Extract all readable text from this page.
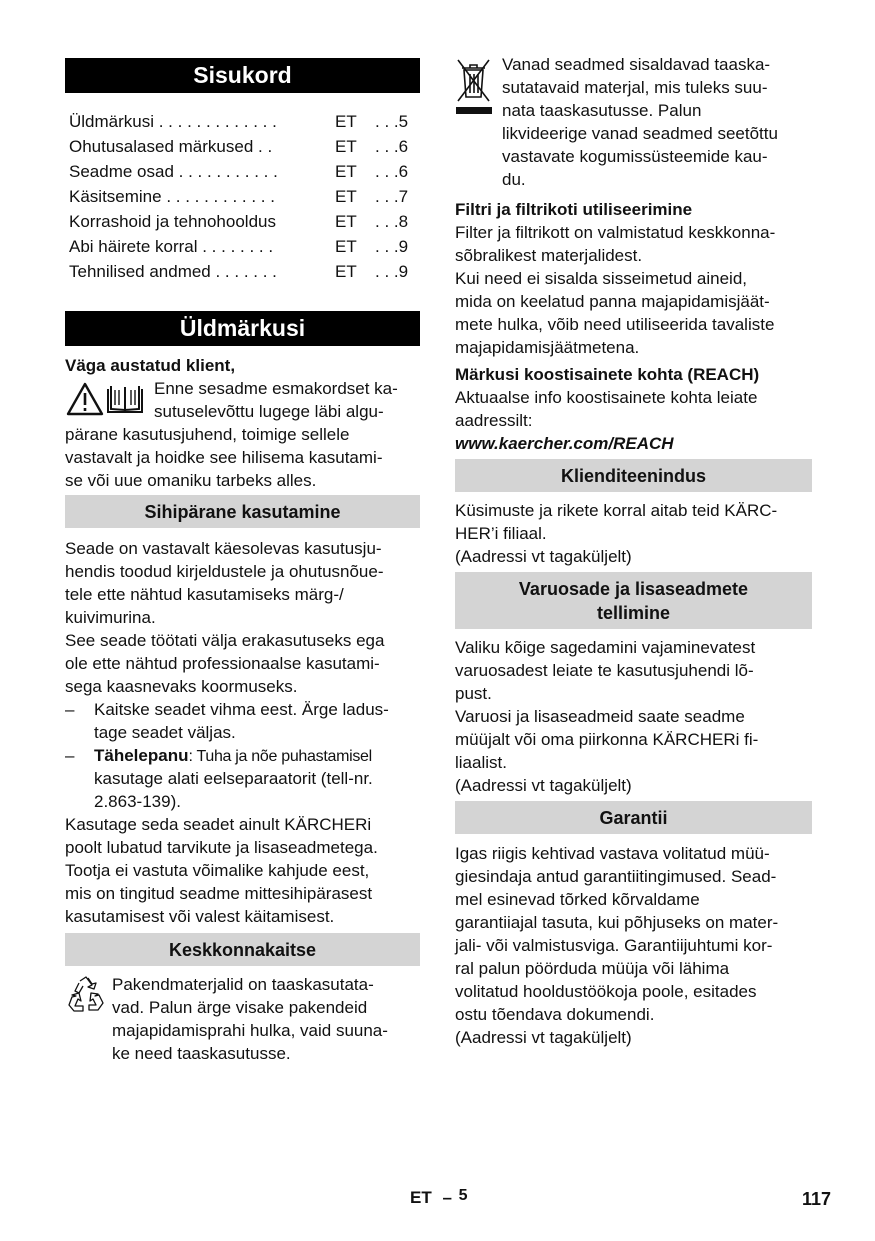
Sisukord
Üldmärkusi . . . . . . . . . . . . .	ET . . .5
Ohutusalased märkused . .	ET . . .6
Seadme osad . . . . . . . . . . .	ET . . .6
Käsitsemine . . . . . . . . . . . .	ET . . .7
Korrashoid ja tehnohooldus	ET . . .8
Abi häirete korral . . . . . . . .	ET . . .9
Tehnilised andmed . . . . . . .	ET . . .9
Üldmärkusi
Väga austatud klient,
Enne sesadme esmakordset ka-
sutuselevõttu lugege läbi algu-
pärane kasutusjuhend, toimige sellele
vastavalt ja hoidke see hilisema kasutami-
se või uue omaniku tarbeks alles.
Sihipärane kasutamine

Seade on vastavalt käesolevas kasutusju-

hendis toodud kirjeldustele ja ohutusnõue-

tele ette nähtud kasutamiseks märg-/

kuivimurina.

See seade töötati välja erakasutuseks ega

ole ette nähtud professionaalse kasutami-

sega kaasnevaks koormuseks.

– Kaitske seadet vihma eest. Ärge ladus-

tage seadet väljas.

– Tähelepanu: Tuha ja nõe puhastamisel

kasutage alati eelseparaatorit (tell-nr.

2.863-139).

Kasutage seda seadet ainult KÄRCHERi

poolt lubatud tarvikute ja lisaseadmetega.

Tootja ei vastuta võimalike kahjude eest,

mis on tingitud seadme mittesihipärasest

kasutamisest või valest käitamisest.

Keskkonnakaitse

Pakendmaterjalid on taaskasutata-

vad. Palun ärge visake pakendeid

majapidamisprahi hulka, vaid suuna-

ke need taaskasutusse.

Vanad seadmed sisaldavad taaska-

sutatavaid materjal, mis tuleks suu-

nata taaskasutusse. Palun

likvideerige vanad seadmed seetõttu

vastavate kogumissüsteemide kau-

du.

Filtri ja filtrikoti utiliseerimine

Filter ja filtrikott on valmistatud keskkonna-

sõbralikest materjalidest.

Kui need ei sisalda sisseimetud aineid,

mida on keelatud panna majapidamisjäät-

mete hulka, võib need utiliseerida tavaliste

majapidamisjäätmetena.

Märkusi koostisainete kohta (REACH)

Aktuaalse info koostisainete kohta leiate

aadressilt:

www.kaercher.com/REACH

Klienditeenindus

Küsimuste ja rikete korral aitab teid KÄRC-

HER’i filiaal.

(Aadressi vt tagaküljelt)

Varuosade ja lisaseadmete
tellimine

Valiku kõige sagedamini vajaminevatest

varuosadest leiate te kasutusjuhendi lõ-

pust.

Varuosi ja lisaseadmeid saate seadme

müüjalt või oma piirkonna KÄRCHERi fi-

liaalist.

(Aadressi vt tagaküljelt)

Garantii

Igas riigis kehtivad vastava volitatud müü-

giesindaja antud garantiitingimused. Sead-

mel esinevad tõrked kõrvaldame

garantiiajal tasuta, kui põhjuseks on mater-

jali- või valmistusviga. Garantiijuhtumi kor-

ral palun pöörduda müüja või lähima

volitatud hooldustöökoja poole, esitades

ostu tõendava dokumendi.

(Aadressi vt tagaküljelt)

ET – 5	117
